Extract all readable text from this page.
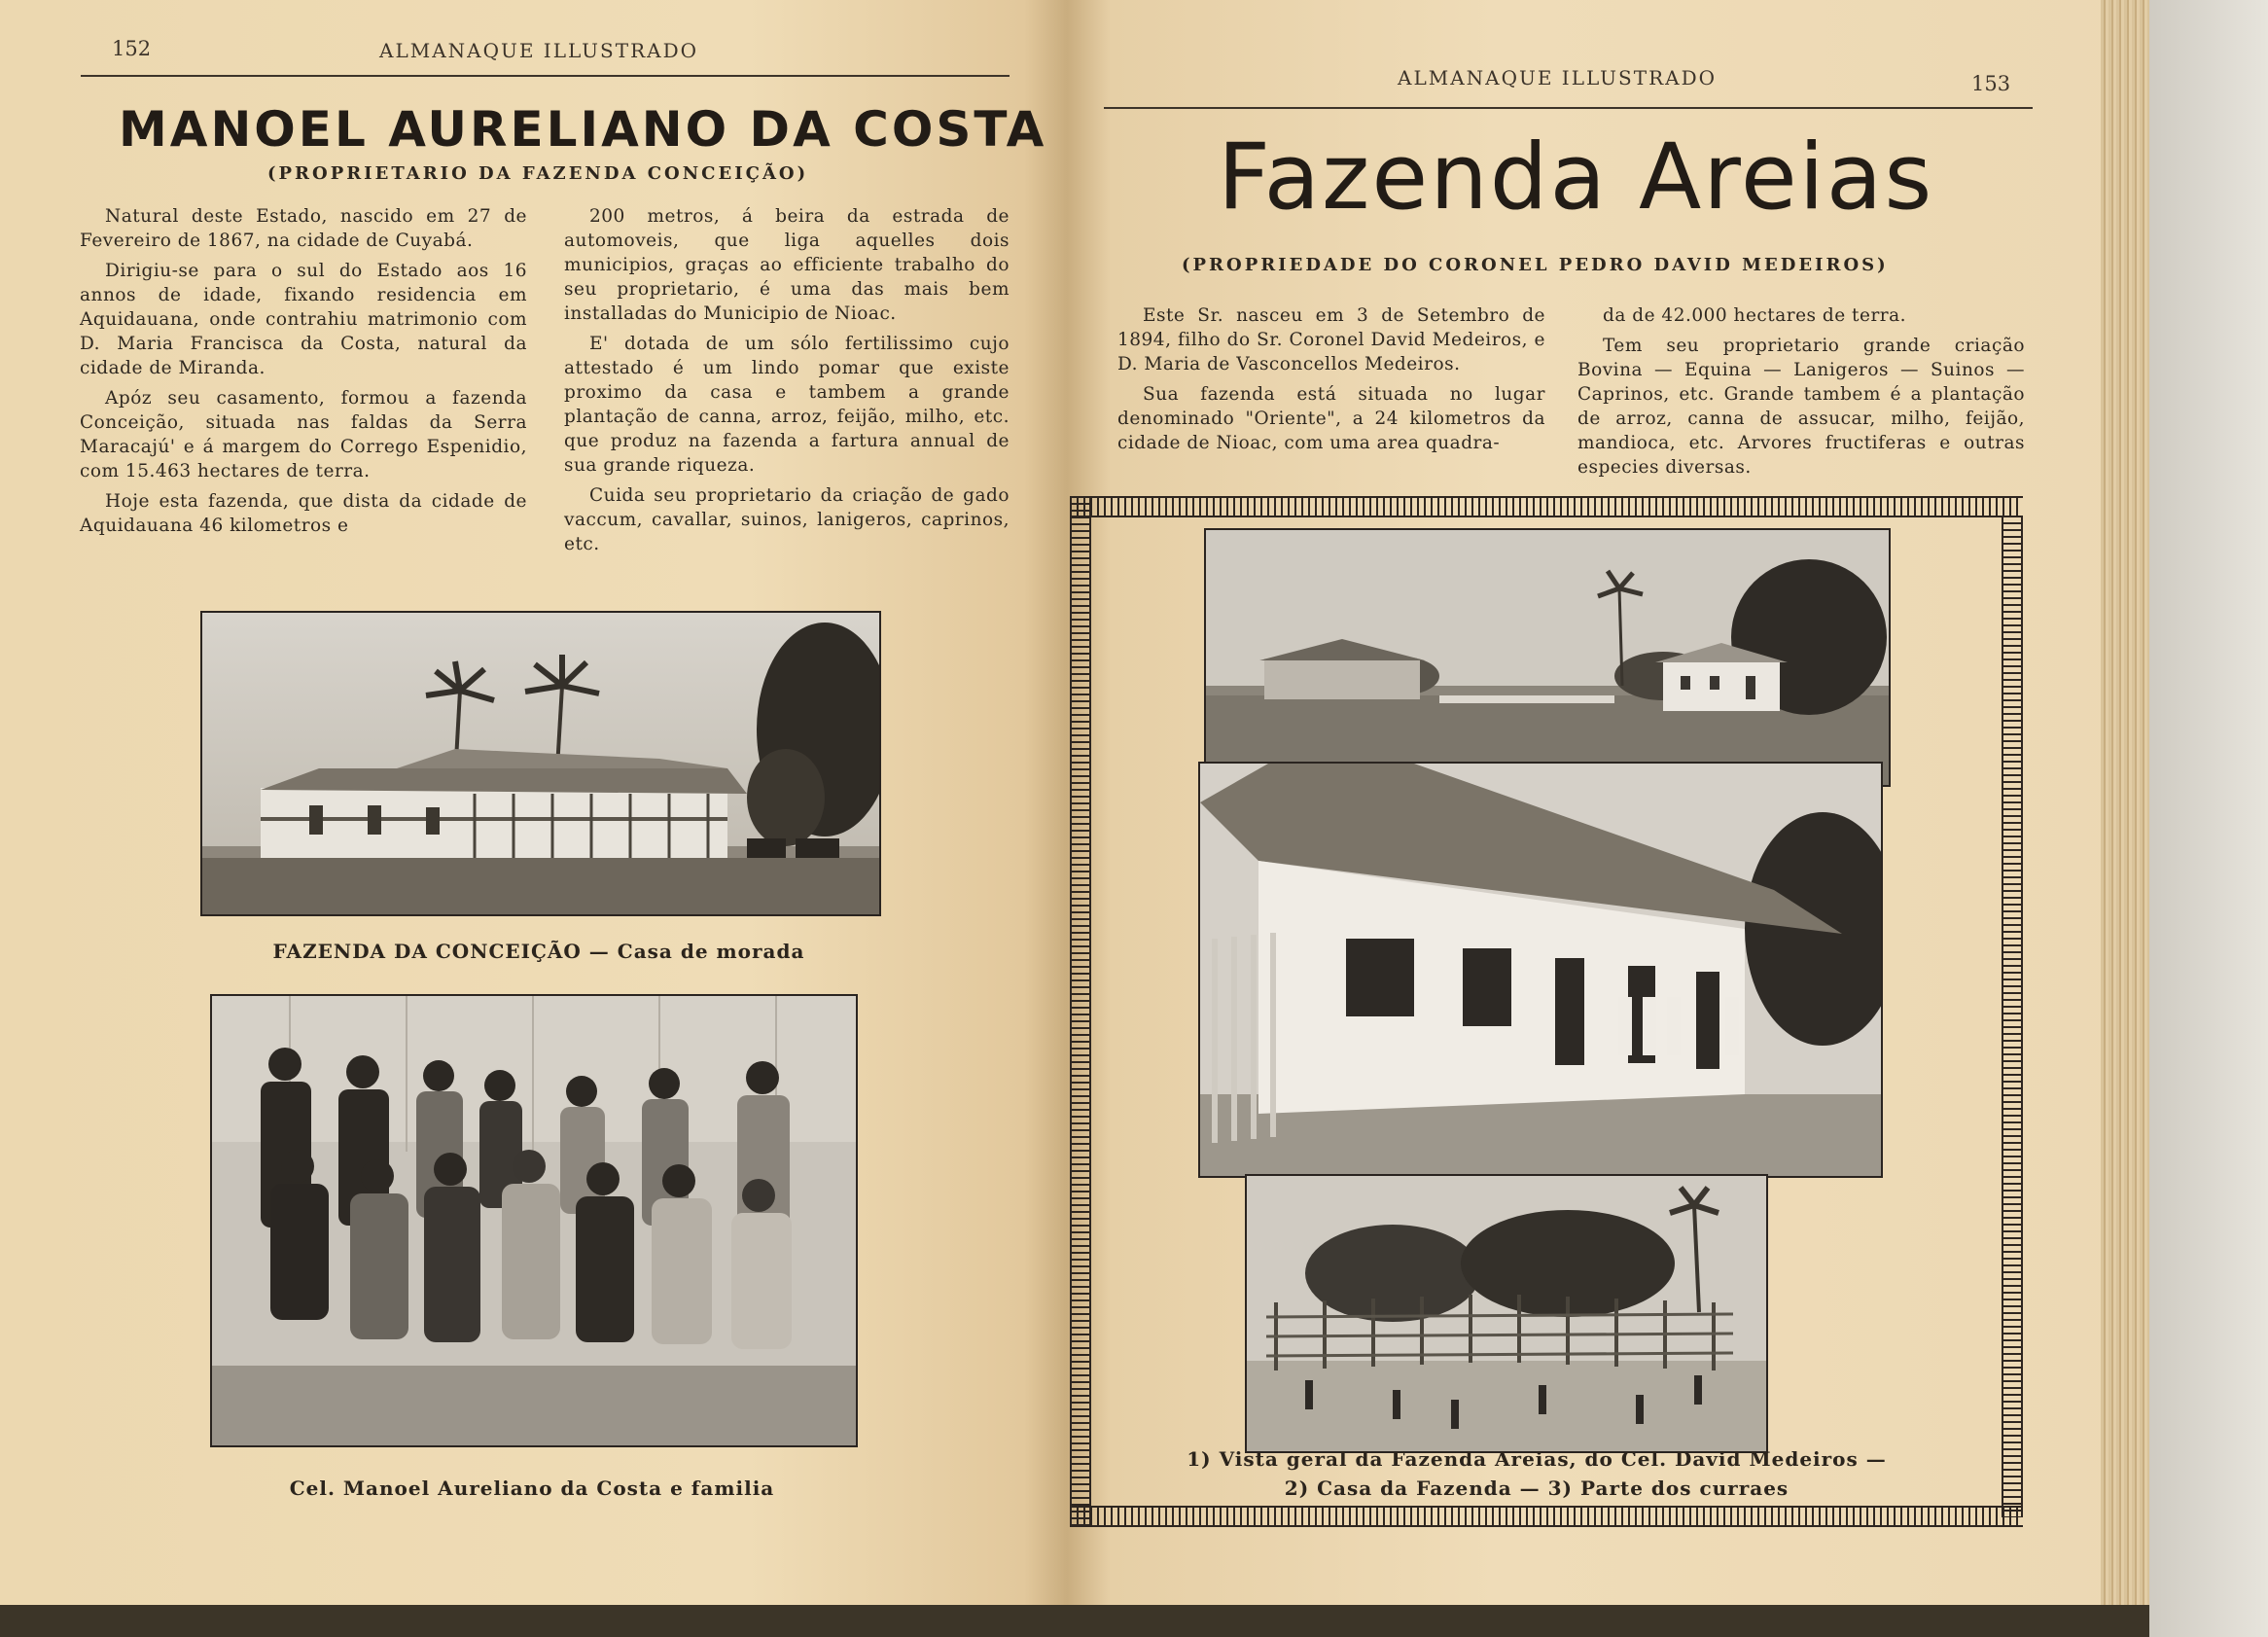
152	ALMANAQUE ILLUSTRADO
MANOEL AURELIANO DA COSTA
(PROPRIETARIO DA FAZENDA CONCEIÇÃO)

Natural deste Estado, nascido em 27 de Fevereiro de 1867, na cidade de Cuyabá.

Dirigiu-se para o sul do Estado aos 16 annos de idade, fixando residencia em Aquidauana, onde contrahiu matrimonio com D. Maria Francisca da Costa, natural da cidade de Miranda.

Apóz seu casamento, formou a fazenda Conceição, situada nas faldas da Serra Maracajú' e á margem do Corrego Espenidio, com 15.463 hectares de terra.

Hoje esta fazenda, que dista da cidade de Aquidauana 46 kilometros e

200 metros, á beira da estrada de automoveis, que liga aquelles dois municipios, graças ao efficiente trabalho do seu proprietario, é uma das mais bem installadas do Municipio de Nioac.

E' dotada de um sólo fertilissimo cujo attestado é um lindo pomar que existe proximo da casa e tambem a grande plantação de canna, arroz, feijão, milho, etc. que produz na fazenda a fartura annual de sua grande riqueza.

Cuida seu proprietario da criação de gado vaccum, cavallar, suinos, lanigeros, caprinos, etc.

FAZENDA DA CONCEIÇÃO — Casa de morada
Cel. Manoel Aureliano da Costa e familia
ALMANAQUE ILLUSTRADO	153
Fazenda Areias
(PROPRIEDADE DO CORONEL PEDRO DAVID MEDEIROS)

Este Sr. nasceu em 3 de Setembro de 1894, filho do Sr. Coronel David Medeiros, e D. Maria de Vasconcellos Medeiros.

Sua fazenda está situada no lugar denominado "Oriente", a 24 kilometros da cidade de Nioac, com uma area quadra-

da de 42.000 hectares de terra.

Tem seu proprietario grande criação Bovina — Equina — Lanigeros — Suinos — Caprinos, etc. Grande tambem é a plantação de arroz, canna de assucar, milho, feijão, mandioca, etc. Arvores fructiferas e outras especies diversas.

1) Vista geral da Fazenda Areias, do Cel. David Medeiros —
2) Casa da Fazenda — 3) Parte dos curraes
